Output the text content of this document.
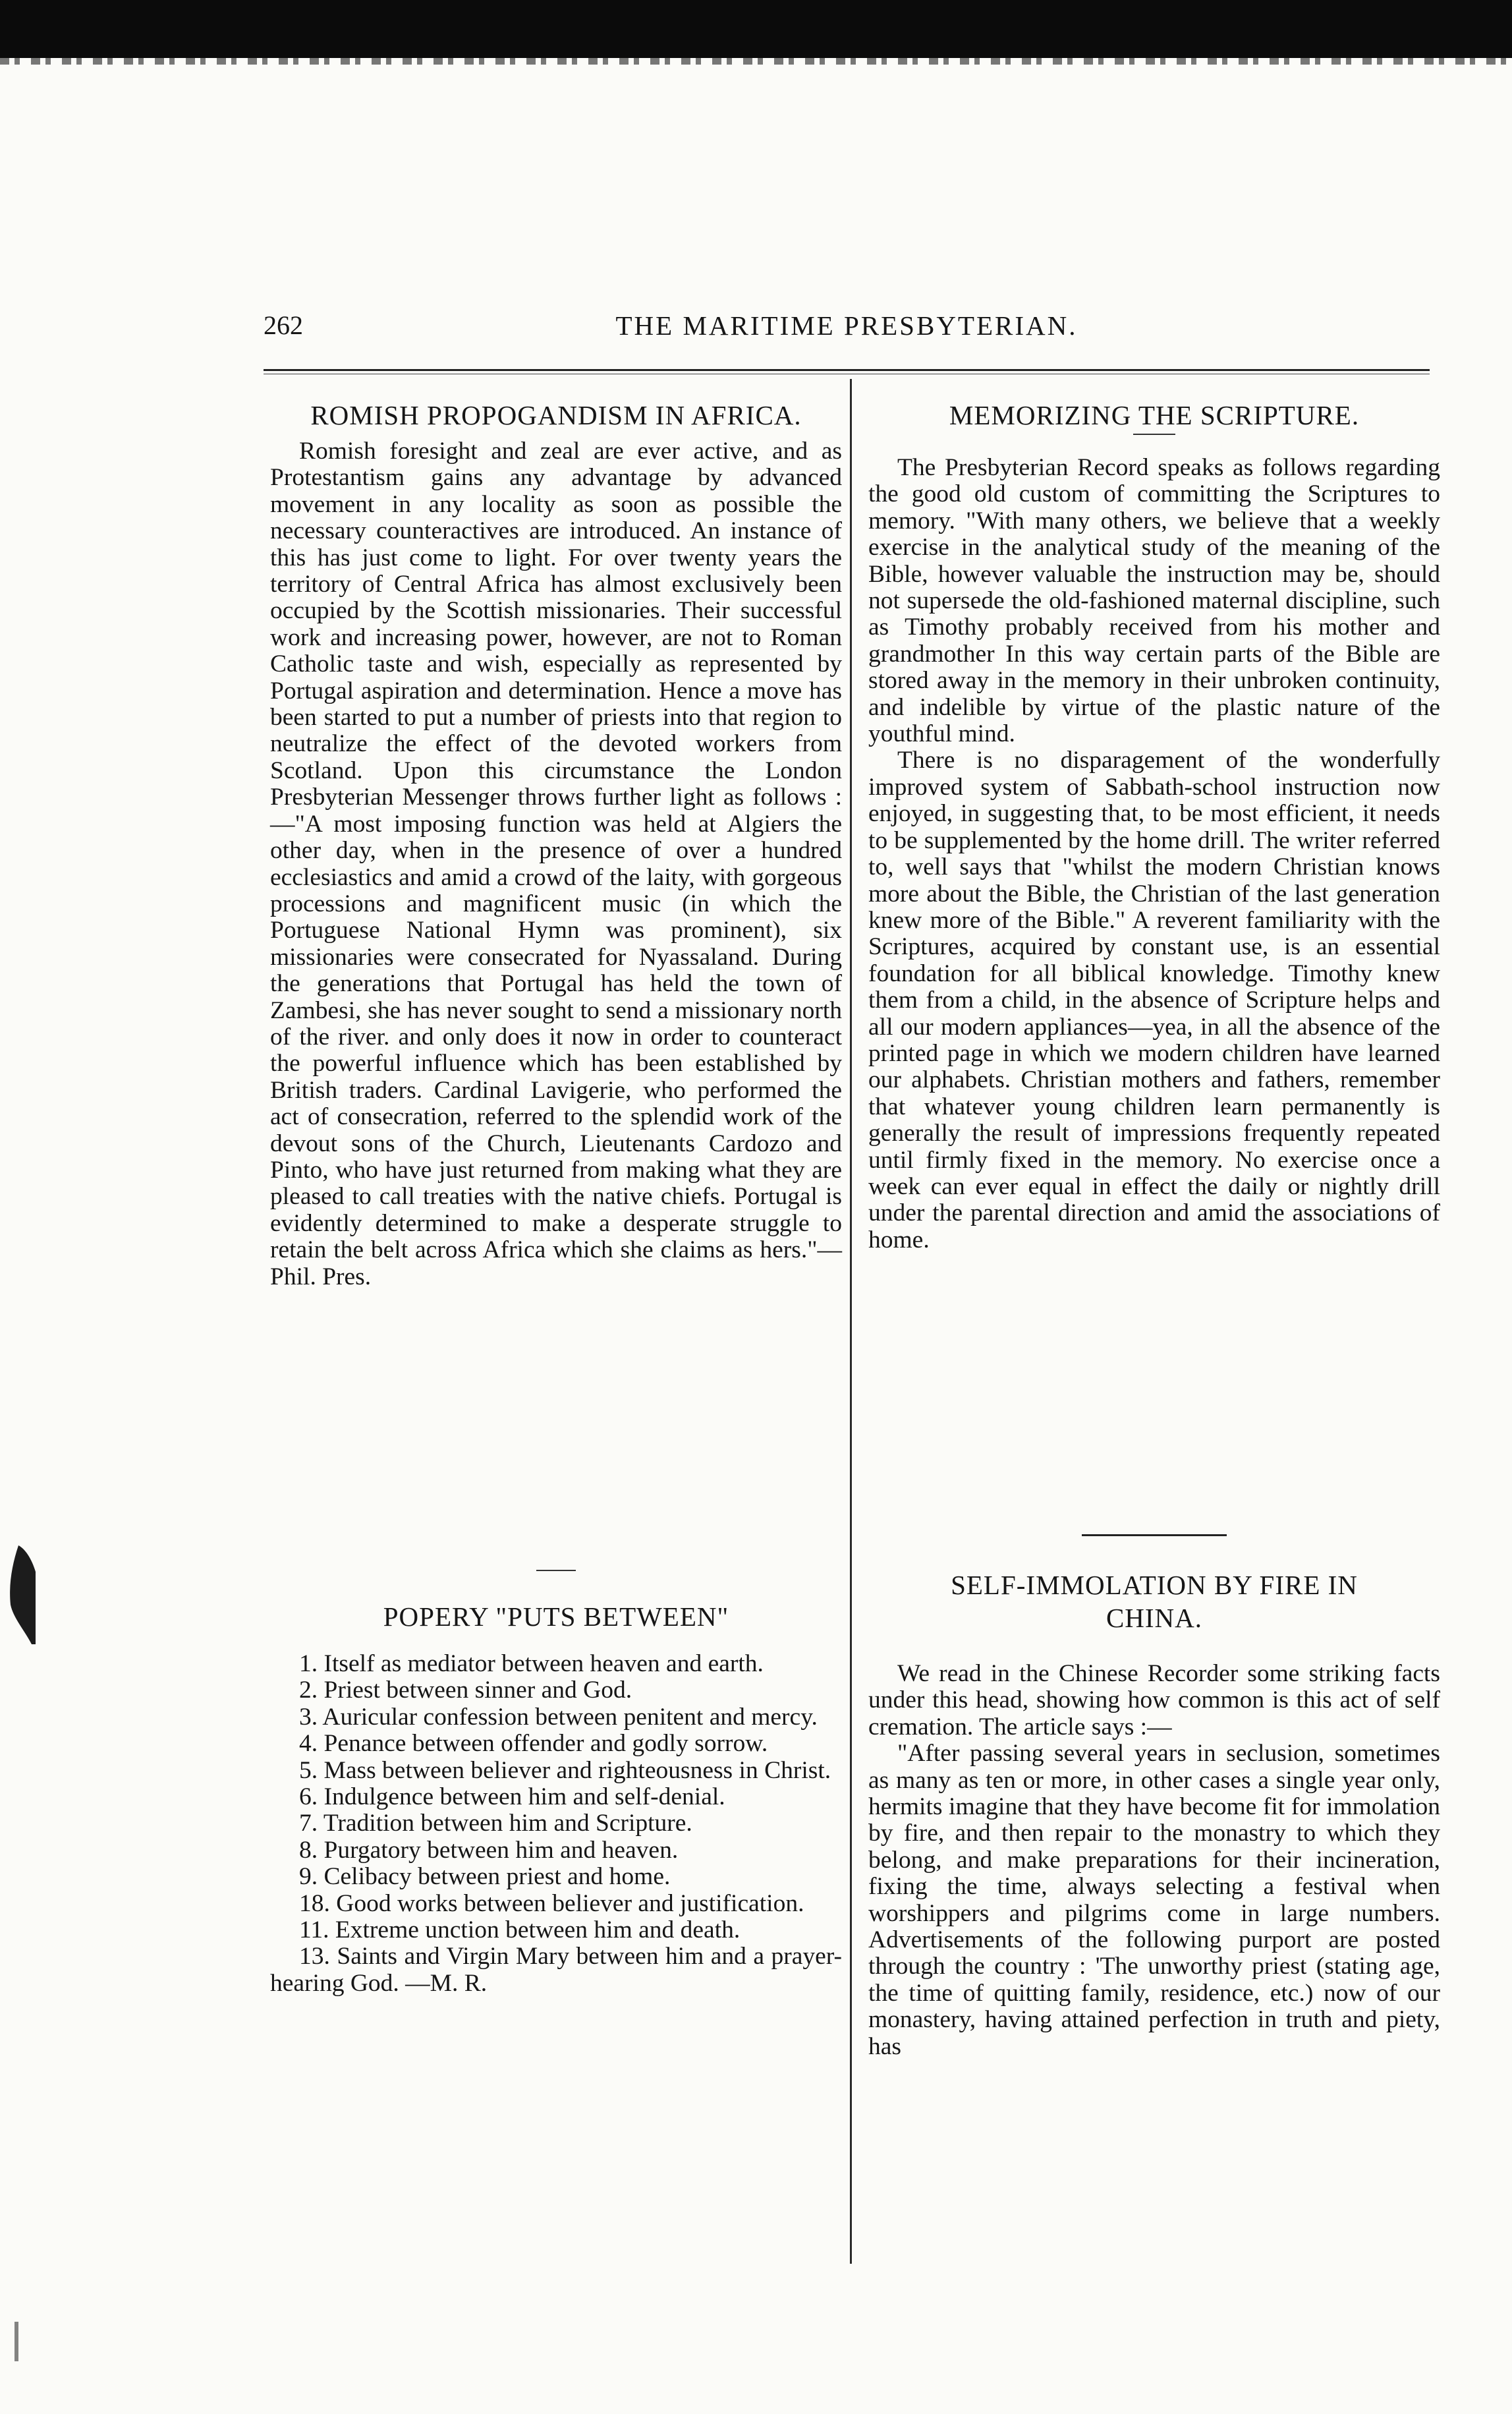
262	THE MARITIME PRESBYTERIAN.
ROMISH PROPOGANDISM IN AFRICA.

Romish foresight and zeal are ever active, and as Protestantism gains any advantage by advanced movement in any locality as soon as possible the necessary counteractives are introduced. An instance of this has just come to light. For over twenty years the territory of Central Africa has almost exclusively been occupied by the Scottish missionaries. Their successful work and increasing power, however, are not to Roman Catholic taste and wish, especially as represented by Portugal aspiration and determination. Hence a move has been started to put a number of priests into that region to neutralize the effect of the devoted workers from Scotland. Upon this circumstance the London Presbyterian Messenger throws further light as follows :—"A most imposing function was held at Algiers the other day, when in the presence of over a hundred ecclesiastics and amid a crowd of the laity, with gorgeous processions and magnificent music (in which the Portuguese National Hymn was prominent), six missionaries were consecrated for Nyassaland. During the generations that Portugal has held the town of Zambesi, she has never sought to send a missionary north of the river. and only does it now in order to counteract the powerful influence which has been established by British traders. Cardinal Lavigerie, who performed the act of consecration, referred to the splendid work of the devout sons of the Church, Lieutenants Cardozo and Pinto, who have just returned from making what they are pleased to call treaties with the native chiefs. Portugal is evidently determined to make a desperate struggle to retain the belt across Africa which she claims as hers."—Phil. Pres.

POPERY "PUTS BETWEEN"
1. Itself as mediator between heaven and earth.
2. Priest between sinner and God.
3. Auricular confession between penitent and mercy.
4. Penance between offender and godly sorrow.
5. Mass between believer and righteousness in Christ.
6. Indulgence between him and self-denial.
7. Tradition between him and Scripture.
8. Purgatory between him and heaven.
9. Celibacy between priest and home.
18. Good works between believer and justification.
11. Extreme unction between him and death.
13. Saints and Virgin Mary between him and a prayer-hearing God. —M. R.
MEMORIZING THE SCRIPTURE.

The Presbyterian Record speaks as follows regarding the good old custom of committing the Scriptures to memory. "With many others, we believe that a weekly exercise in the analytical study of the meaning of the Bible, however valuable the instruction may be, should not supersede the old-fashioned maternal discipline, such as Timothy probably received from his mother and grandmother In this way certain parts of the Bible are stored away in the memory in their unbroken continuity, and indelible by virtue of the plastic nature of the youthful mind.

There is no disparagement of the wonderfully improved system of Sabbath-school instruction now enjoyed, in suggesting that, to be most efficient, it needs to be supplemented by the home drill. The writer referred to, well says that "whilst the modern Christian knows more about the Bible, the Christian of the last generation knew more of the Bible." A reverent familiarity with the Scriptures, acquired by constant use, is an essential foundation for all biblical knowledge. Timothy knew them from a child, in the absence of Scripture helps and all our modern appliances—yea, in all the absence of the printed page in which we modern children have learned our alphabets. Christian mothers and fathers, remember that whatever young children learn permanently is generally the result of impressions frequently repeated until firmly fixed in the memory. No exercise once a week can ever equal in effect the daily or nightly drill under the parental direction and amid the associations of home.

SELF-IMMOLATION BY FIRE IN
CHINA.

We read in the Chinese Recorder some striking facts under this head, showing how common is this act of self cremation. The article says :—

"After passing several years in seclusion, sometimes as many as ten or more, in other cases a single year only, hermits imagine that they have become fit for immolation by fire, and then repair to the monastry to which they belong, and make preparations for their incineration, fixing the time, always selecting a festival when worshippers and pilgrims come in large numbers. Advertisements of the following purport are posted through the country : 'The unworthy priest (stating age, the time of quitting family, residence, etc.) now of our monastery, having attained perfection in truth and piety, has
